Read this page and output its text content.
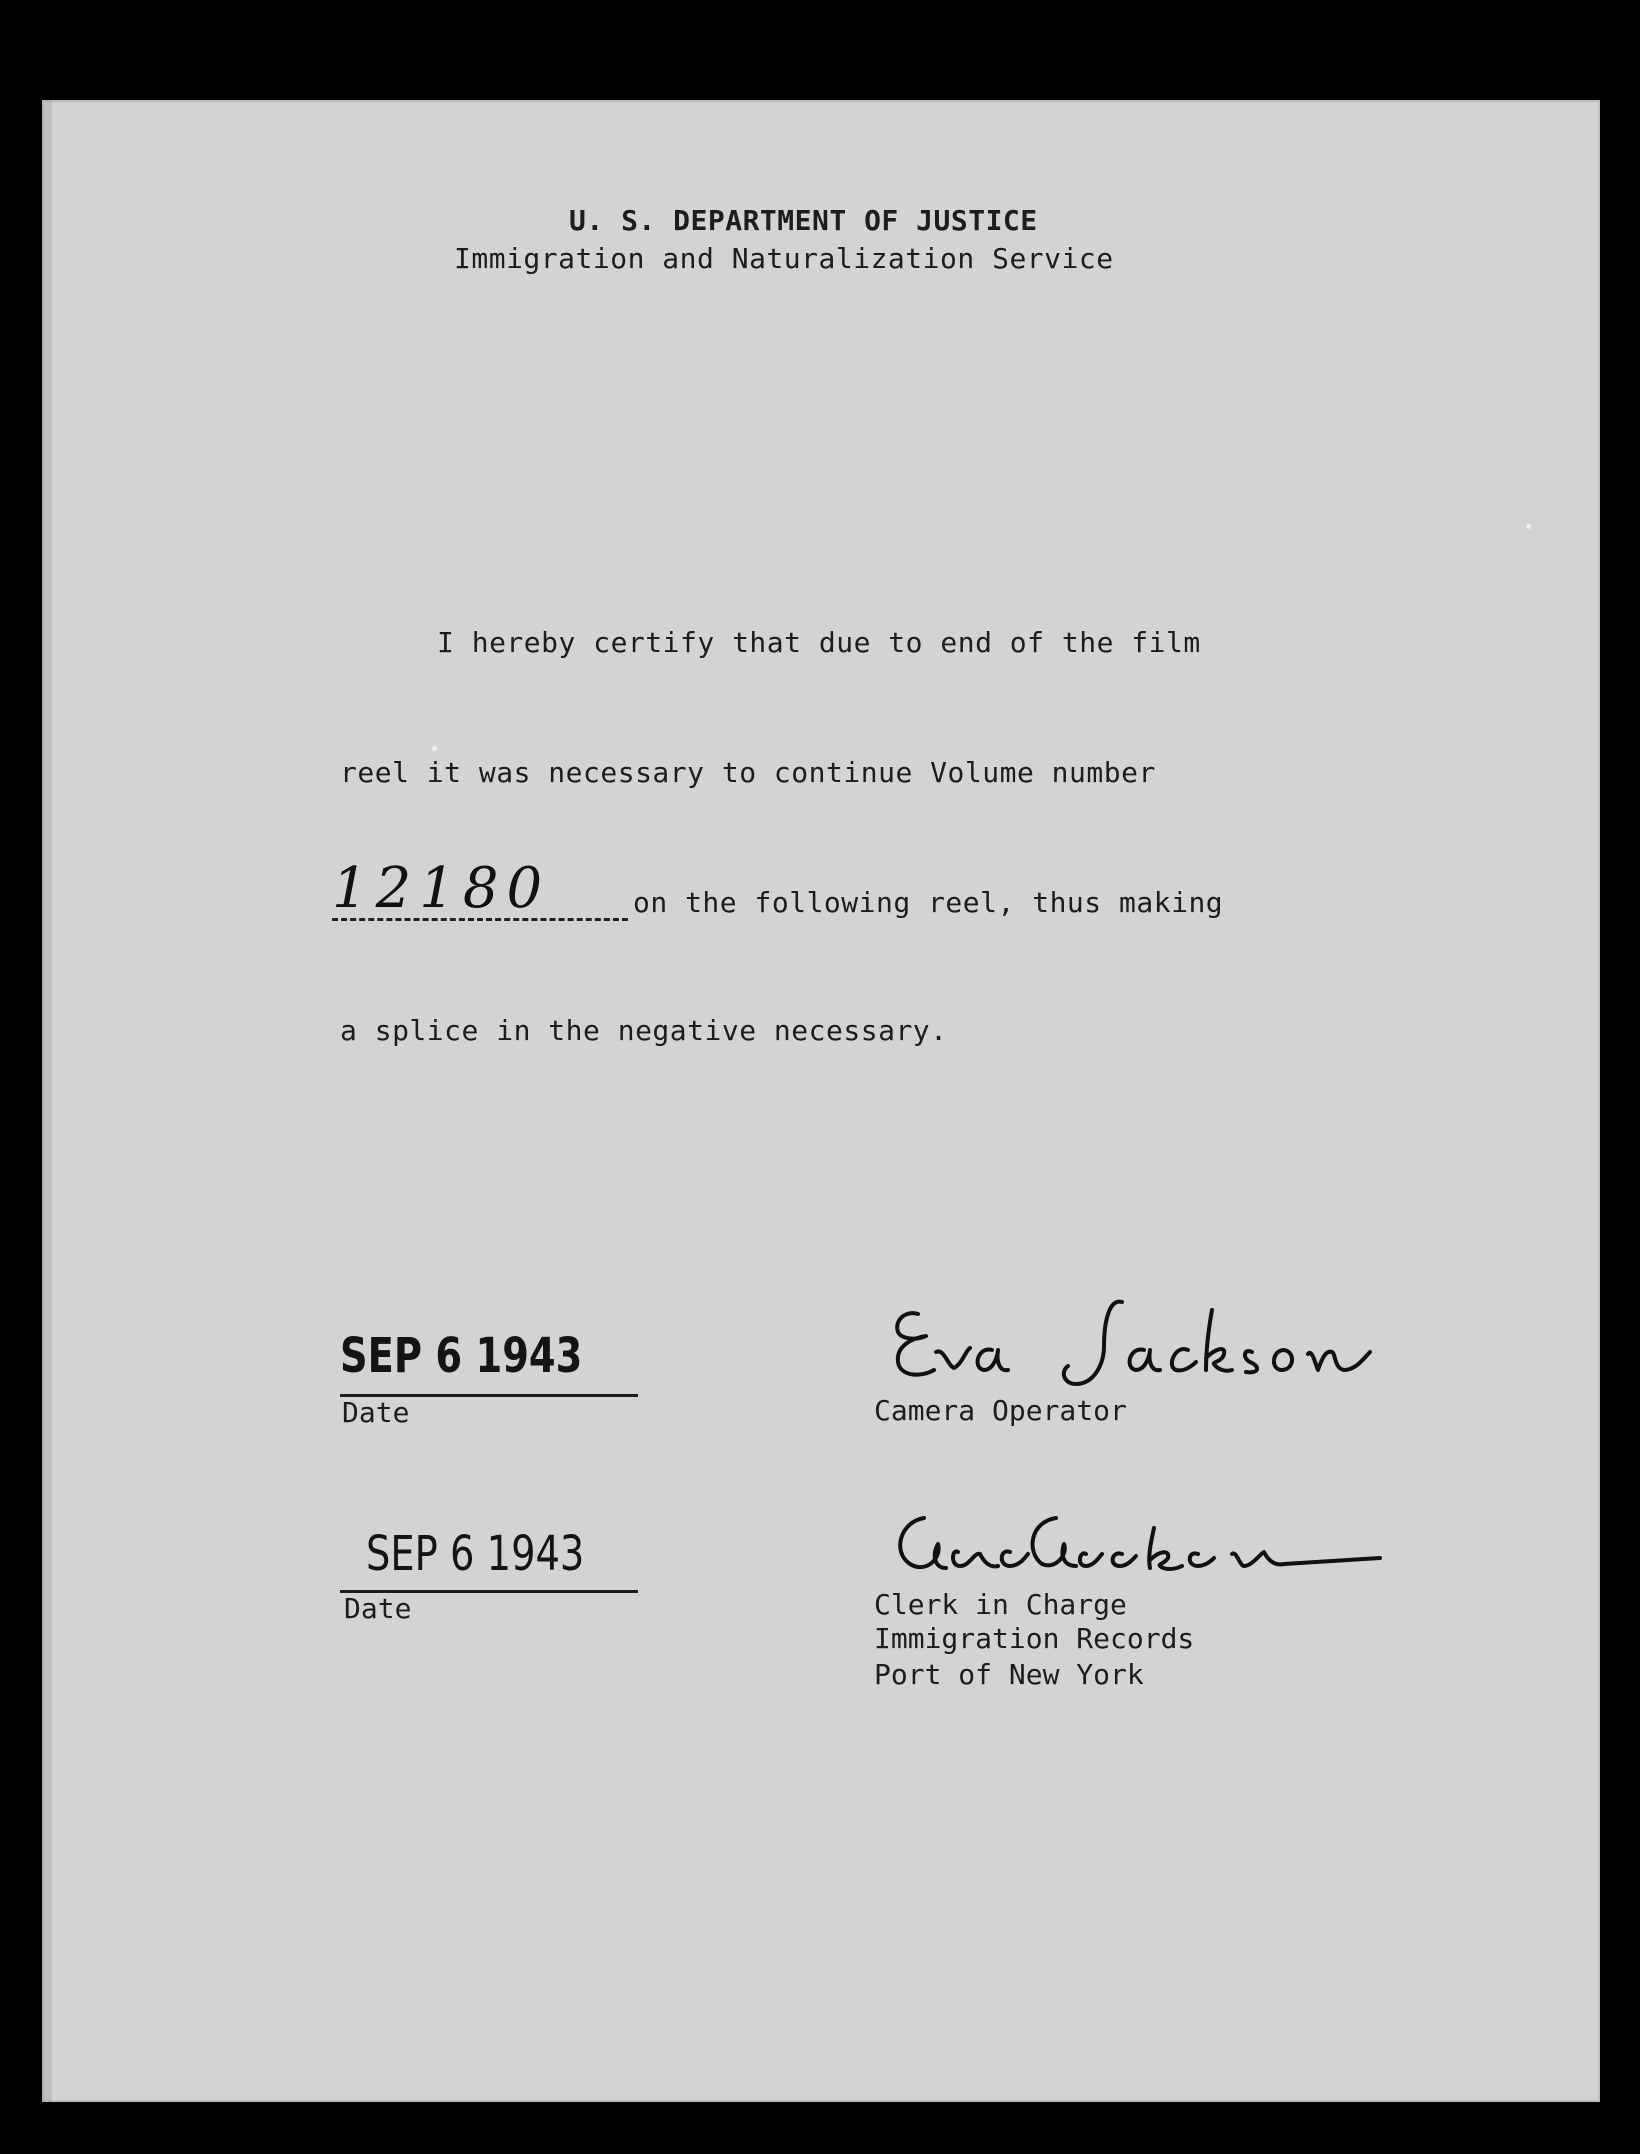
U. S. DEPARTMENT OF JUSTICE
Immigration and Naturalization Service
I hereby certify that due to end of the film
reel it was necessary to continue Volume number
12180	on the following reel, thus making
a splice in the negative necessary.
SEP 6 1943
Date	Camera Operator
SEP 6 1943
Date	Clerk in Charge
Immigration Records
Port of New York
